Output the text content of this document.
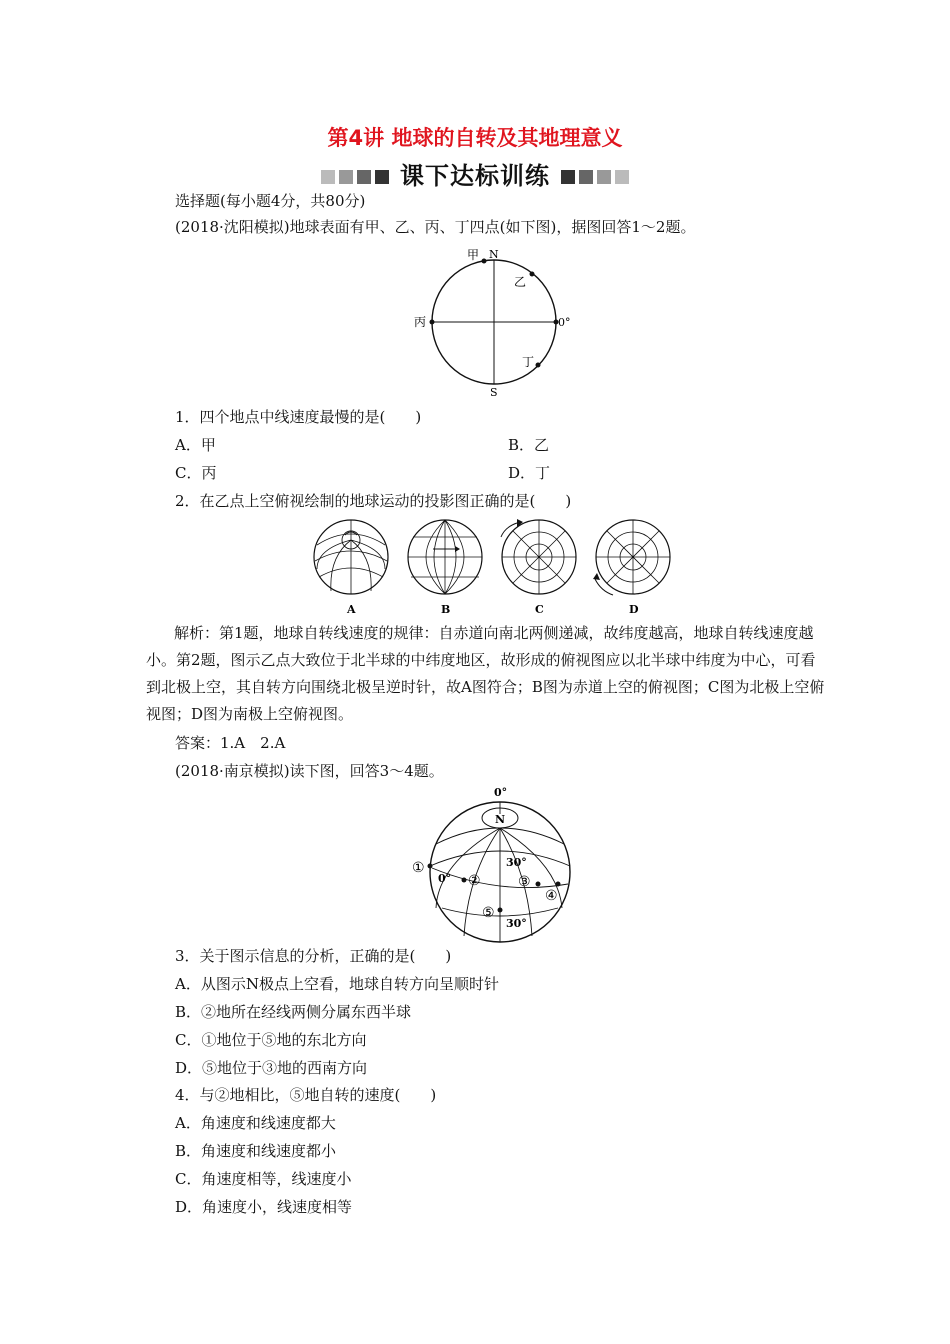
第4讲 地球的自转及其地理意义
课下达标训练
选择题(每小题4分，共80分)
(2018·沈阳模拟)地球表面有甲、乙、丙、丁四点(如下图)，据图回答1～2题。
甲 N
乙
丙	0°
丁
S
1．四个地点中线速度最慢的是(　　)
A．甲	B．乙
C．丙	D．丁
2．在乙点上空俯视绘制的地球运动的投影图正确的是(　　)
A	B	C	D
解析：第1题，地球自转线速度的规律：自赤道向南北两侧递减，故纬度越高，地球自转线速度越小。第2题，图示乙点大致位于北半球的中纬度地区，故形成的俯视图应以北半球中纬度为中心，可看到北极上空，其自转方向围绕北极呈逆时针，故A图符合；B图为赤道上空的俯视图；C图为北极上空俯视图；D图为南极上空俯视图。
答案：1.A　2.A
(2018·南京模拟)读下图，回答3～4题。
0°
N
30°
0°
①
②	③
④
⑤
30°
3．关于图示信息的分析，正确的是(　　)
A．从图示N极点上空看，地球自转方向呈顺时针
B．②地所在经线两侧分属东西半球
C．①地位于⑤地的东北方向
D．⑤地位于③地的西南方向
4．与②地相比，⑤地自转的速度(　　)
A．角速度和线速度都大
B．角速度和线速度都小
C．角速度相等，线速度小
D．角速度小，线速度相等
